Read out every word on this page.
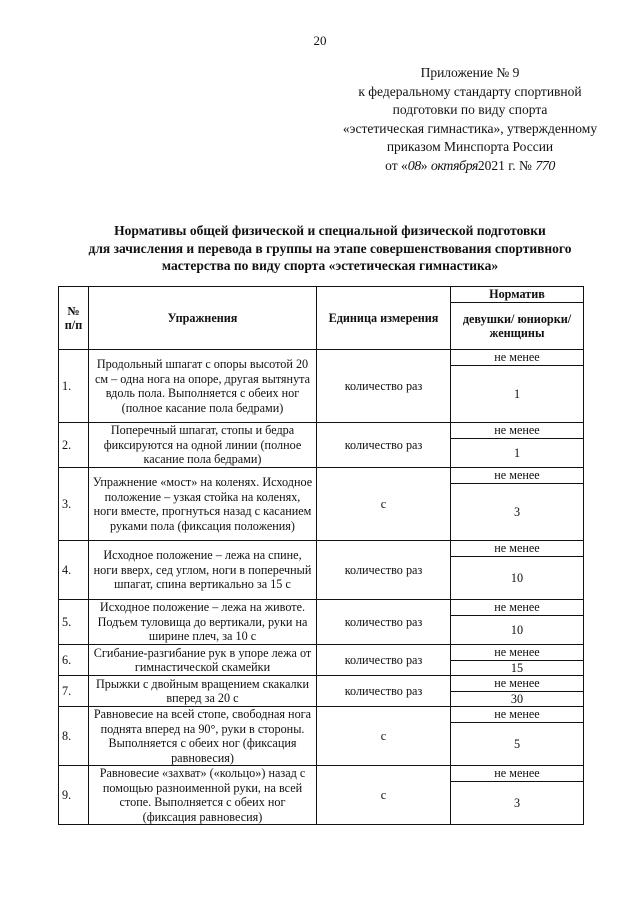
20
Приложение № 9
к федеральному стандарту спортивной
подготовки по виду спорта
«эстетическая гимнастика», утвержденному
приказом Минспорта России
от «08» октября2021 г. № 770
Нормативы общей физической и специальной физической подготовки
для зачисления и перевода в группы на этапе совершенствования спортивного
мастерства по виду спорта «эстетическая гимнастика»
№ п/п	Упражнения	Единица измерения	Норматив
			девушки/ юниорки/ женщины
1.	Продольный шпагат с опоры высотой 20 см – одна нога на опоре, другая вытянута вдоль пола. Выполняется с обеих ног (полное касание пола бедрами)	количество раз	не менее
			1
2.	Поперечный шпагат, стопы и бедра фиксируются на одной линии (полное касание пола бедрами)	количество раз	не менее
			1
3.	Упражнение «мост» на коленях. Исходное положение – узкая стойка на коленях, ноги вместе, прогнуться назад с касанием руками пола (фиксация положения)	с	не менее
			3
4.	Исходное положение – лежа на спине, ноги вверх, сед углом, ноги в поперечный шпагат, спина вертикально за 15 с	количество раз	не менее
			10
5.	Исходное положение – лежа на животе. Подъем туловища до вертикали, руки на ширине плеч, за 10 с	количество раз	не менее
			10
6.	Сгибание-разгибание рук в упоре лежа от гимнастической скамейки	количество раз	не менее
			15
7.	Прыжки с двойным вращением скакалки вперед за 20 с	количество раз	не менее
			30
8.	Равновесие на всей стопе, свободная нога поднята вперед на 90°, руки в стороны. Выполняется с обеих ног (фиксация равновесия)	с	не менее
			5
9.	Равновесие «захват» («кольцо») назад с помощью разноименной руки, на всей стопе. Выполняется с обеих ног (фиксация равновесия)	с	не менее
			3
